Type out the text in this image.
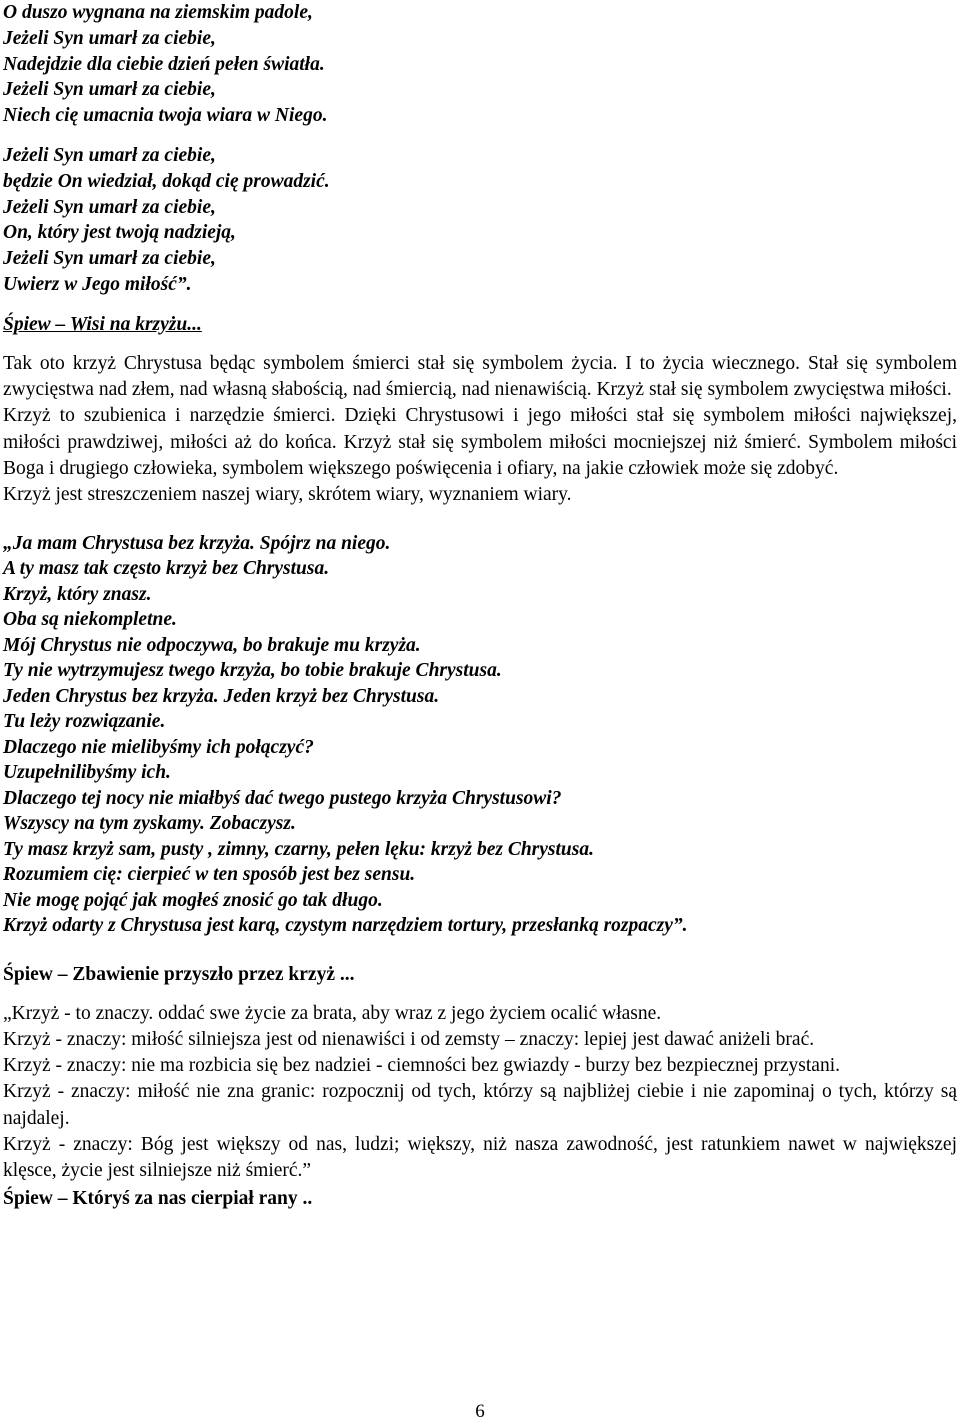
O duszo wygnana na ziemskim padole,

Jeżeli Syn umarł za ciebie,

Nadejdzie dla ciebie dzień pełen światła.

Jeżeli Syn umarł za ciebie,

Niech cię umacnia twoja wiara w Niego.

Jeżeli Syn umarł za ciebie,

będzie On wiedział, dokąd cię prowadzić.

Jeżeli Syn umarł za ciebie,

On, który jest twoją nadzieją,

Jeżeli Syn umarł za ciebie,

Uwierz w Jego miłość”.

Śpiew – Wisi na krzyżu...

Tak oto krzyż Chrystusa będąc symbolem śmierci stał się symbolem życia. I to życia wiecznego. Stał się symbolem zwycięstwa nad złem, nad własną słabością, nad śmiercią, nad nienawiścią. Krzyż stał się symbolem zwycięstwa miłości.

Krzyż to szubienica i narzędzie śmierci. Dzięki Chrystusowi i jego miłości stał się symbolem miłości największej, miłości prawdziwej, miłości aż do końca. Krzyż stał się symbolem miłości mocniejszej niż śmierć. Symbolem miłości Boga i drugiego człowieka, symbolem większego poświęcenia i ofiary, na jakie człowiek może się zdobyć.

Krzyż jest streszczeniem naszej wiary, skrótem wiary, wyznaniem wiary.

„Ja mam Chrystusa bez krzyża. Spójrz na niego.

A ty masz tak często krzyż bez Chrystusa.

Krzyż, który znasz.

Oba są niekompletne.

Mój Chrystus nie odpoczywa, bo brakuje mu krzyża.

Ty nie wytrzymujesz twego krzyża, bo tobie brakuje Chrystusa.

Jeden Chrystus bez krzyża. Jeden krzyż bez Chrystusa.

Tu leży rozwiązanie.

Dlaczego nie mielibyśmy ich połączyć?

Uzupełnilibyśmy ich.

Dlaczego tej nocy nie miałbyś dać twego pustego krzyża Chrystusowi?

Wszyscy na tym zyskamy. Zobaczysz.

Ty masz krzyż sam, pusty , zimny, czarny, pełen lęku: krzyż bez Chrystusa.

Rozumiem cię: cierpieć w ten sposób jest bez sensu.

Nie mogę pojąć jak mogłeś znosić go tak długo.

Krzyż odarty z Chrystusa jest karą, czystym narzędziem tortury, przesłanką rozpaczy”.

Śpiew – Zbawienie przyszło przez krzyż ...

„Krzyż - to znaczy. oddać swe życie za brata, aby wraz z jego życiem ocalić własne.

Krzyż - znaczy: miłość silniejsza jest od nienawiści i od zemsty – znaczy: lepiej jest dawać aniżeli brać.

Krzyż - znaczy: nie ma rozbicia się bez nadziei - ciemności bez gwiazdy - burzy bez bezpiecznej przystani.

Krzyż - znaczy: miłość nie zna granic: rozpocznij od tych, którzy są najbliżej ciebie i nie zapominaj o tych, którzy są najdalej.

Krzyż - znaczy: Bóg jest większy od nas, ludzi; większy, niż nasza zawodność, jest ratunkiem nawet w największej klęsce, życie jest silniejsze niż śmierć.”

Śpiew – Któryś za nas cierpiał rany ..

6
